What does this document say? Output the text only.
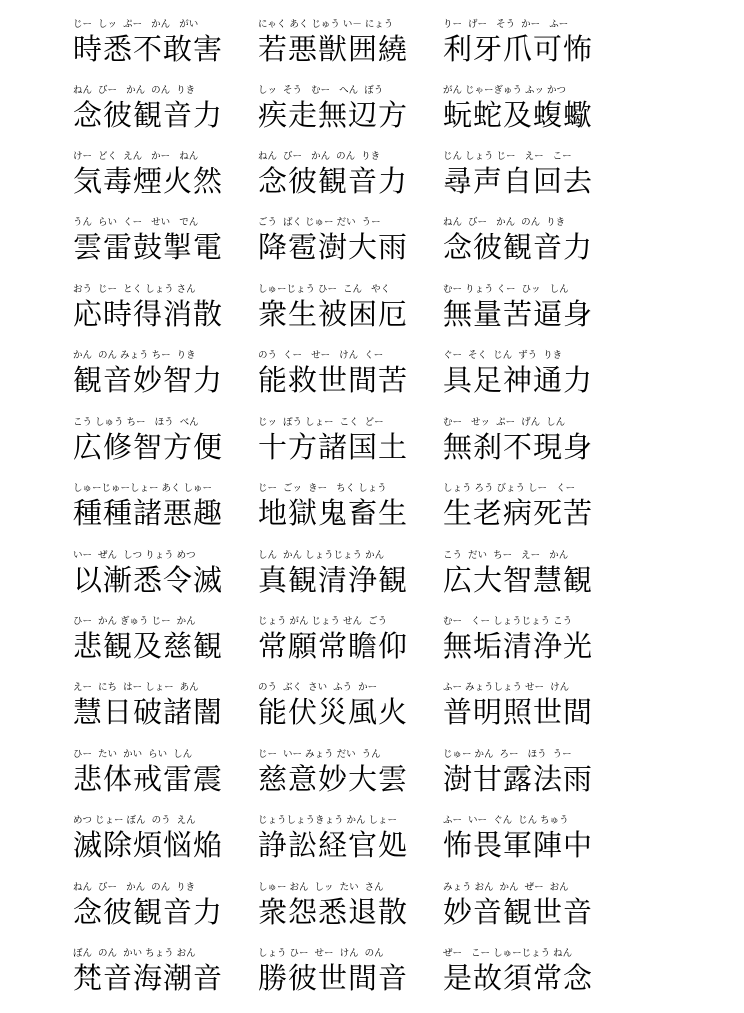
じー  しッ  ぷー   かん   がい
時悉不敢害
にゃく あく じゅう い－ にょう
若悪獣囲繞
りー  げー   そう  かー   ふー
利牙爪可怖
ねん  びー   かん  のん  りき
念彼観音力
しッ  そう   むー   へん  ぼう
疾走無辺方
がん じゃーぎゅう ふッ かつ
蚖蛇及蝮蠍
けー  どく  えん   かー   ねん
気毒煙火然
ねん  びー   かん  のん  りき
念彼観音力
じん しょう じー   えー   こー
尋声自回去
うん  らい  くー   せい   でん
雲雷鼓掣電
ごう  ばく じゅー だい  うー
降雹澍大雨
ねん  びー   かん  のん  りき
念彼観音力
おう  じー  とく しょう さん
応時得消散
しゅーじょう ひー  こん   やく
衆生被困厄
むー りょう くー  ひッ   しん
無量苦逼身
かん  のん みょう ちー  りき
観音妙智力
のう  くー   せー   けん  くー
能救世間苦
ぐー  そく  じん  ずう  りき
具足神通力
こう しゅう ちー   ほう  べん
広修智方便
じッ  ぽう しょー  こく  どー
十方諸国土
むー   せッ  ぷー  げん  しん
無刹不現身
しゅーじゅーしょー あく しゅー
種種諸悪趣
じー  ごッ  きー   ちく しょう
地獄鬼畜生
しょう ろう びょう しー   くー
生老病死苦
いー  ぜん  しつ りょう めつ
以漸悉令滅
しん  かん しょうじょう かん
真観清浄観
こう  だい  ちー   えー   かん
広大智慧観
ひー  かん ぎゅう じー  かん
悲観及慈観
じょう がん じょう せん  ごう
常願常瞻仰
むー   くー しょうじょう こう
無垢清浄光
えー  にち  はー しょー  あん
慧日破諸闇
のう  ぶく  さい  ふう  かー
能伏災風火
ふー みょうしょう せー  けん
普明照世間
ひー  たい  かい  らい  しん
悲体戒雷震
じー  いー みょう だい  うん
慈意妙大雲
じゅー かん  ろー   ほう  うー
澍甘露法雨
めつ じょー ぼん  のう  えん
滅除煩悩焔
じょうしょうきょう かん しょー
諍訟経官処
ふー  いー  ぐん  じん ちゅう
怖畏軍陣中
ねん  びー   かん  のん  りき
念彼観音力
しゅー おん  しッ  たい  さん
衆怨悉退散
みょう おん  かん  ぜー  おん
妙音観世音
ぼん  のん  かい ちょう おん
梵音海潮音
しょう ひー  せー  けん  のん
勝彼世間音
ぜー   こー しゅーじょう ねん
是故須常念
